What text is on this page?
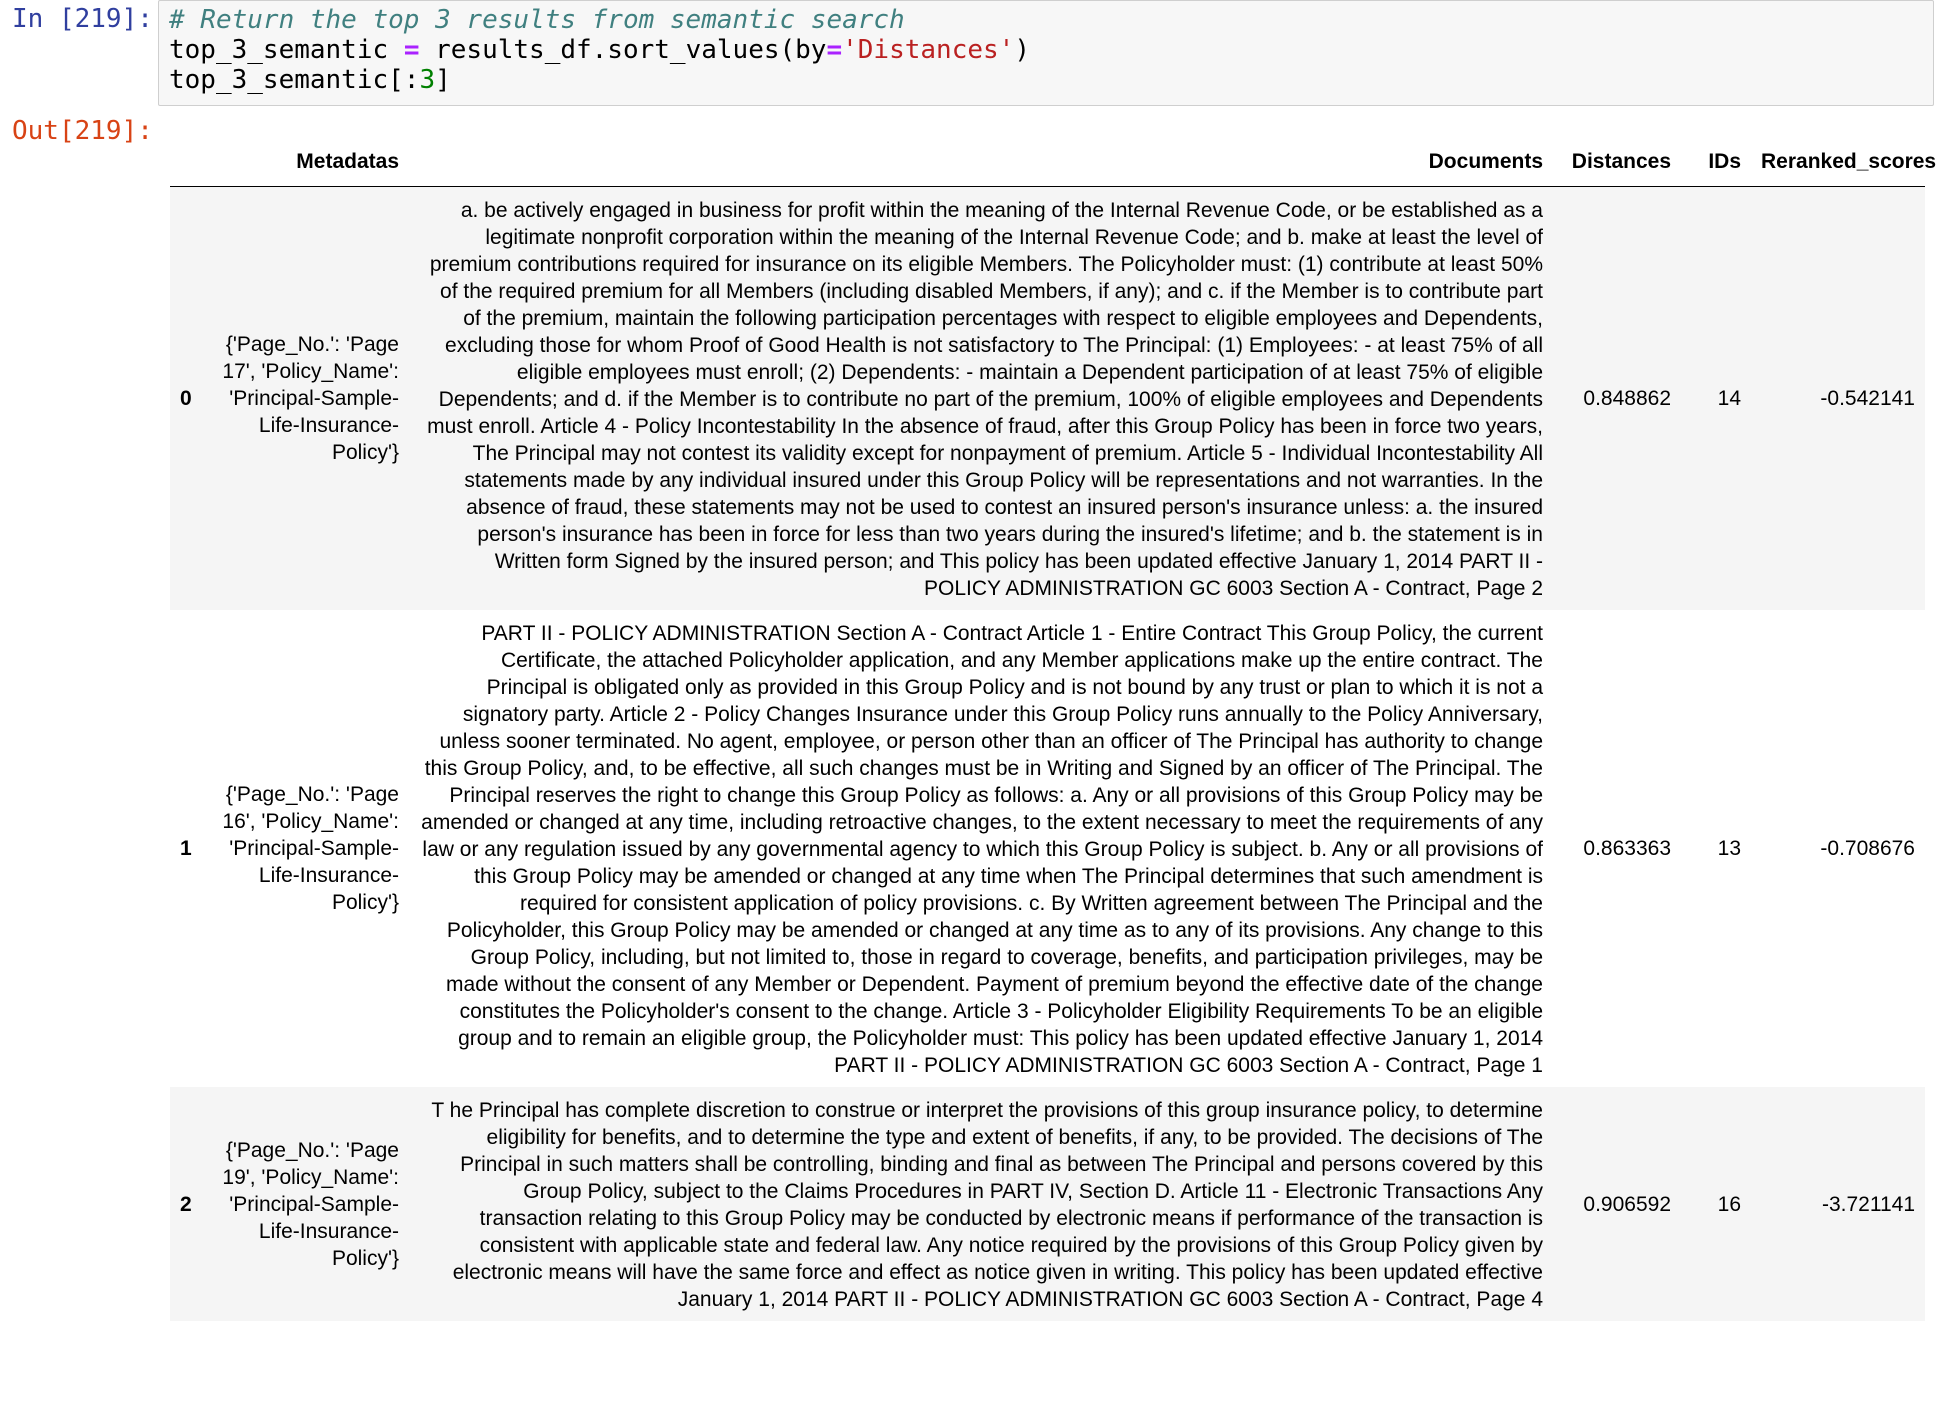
In [219]: # Return the top 3 results from semantic search
top_3_semantic = results_df.sort_values(by='Distances')
top_3_semantic[:3]
Out[219]:
	Metadatas	Documents	Distances	IDs	Reranked_scores
0	{'Page_No.': 'Page 17', 'Policy_Name': 'Principal-Sample-Life-Insurance-Policy'}	a. be actively engaged in business for profit within the meaning of the Internal Revenue Code, or be established as a legitimate nonprofit corporation within the meaning of the Internal Revenue Code; and b. make at least the level of premium contributions required for insurance on its eligible Members. The Policyholder must: (1) contribute at least 50% of the required premium for all Members (including disabled Members, if any); and c. if the Member is to contribute part of the premium, maintain the following participation percentages with respect to eligible employees and Dependents, excluding those for whom Proof of Good Health is not satisfactory to The Principal: (1) Employees: - at least 75% of all eligible employees must enroll; (2) Dependents: - maintain a Dependent participation of at least 75% of eligible Dependents; and d. if the Member is to contribute no part of the premium, 100% of eligible employees and Dependents must enroll. Article 4 - Policy Incontestability In the absence of fraud, after this Group Policy has been in force two years, The Principal may not contest its validity except for nonpayment of premium. Article 5 - Individual Incontestability All statements made by any individual insured under this Group Policy will be representations and not warranties. In the absence of fraud, these statements may not be used to contest an insured person's insurance unless: a. the insured person's insurance has been in force for less than two years during the insured's lifetime; and b. the statement is in Written form Signed by the insured person; and This policy has been updated effective January 1, 2014 PART II - POLICY ADMINISTRATION GC 6003 Section A - Contract, Page 2	0.848862	14	-0.542141
1	{'Page_No.': 'Page 16', 'Policy_Name': 'Principal-Sample-Life-Insurance-Policy'}	PART II - POLICY ADMINISTRATION Section A - Contract Article 1 - Entire Contract This Group Policy, the current Certificate, the attached Policyholder application, and any Member applications make up the entire contract. The Principal is obligated only as provided in this Group Policy and is not bound by any trust or plan to which it is not a signatory party. Article 2 - Policy Changes Insurance under this Group Policy runs annually to the Policy Anniversary, unless sooner terminated. No agent, employee, or person other than an officer of The Principal has authority to change this Group Policy, and, to be effective, all such changes must be in Writing and Signed by an officer of The Principal. The Principal reserves the right to change this Group Policy as follows: a. Any or all provisions of this Group Policy may be amended or changed at any time, including retroactive changes, to the extent necessary to meet the requirements of any law or any regulation issued by any governmental agency to which this Group Policy is subject. b. Any or all provisions of this Group Policy may be amended or changed at any time when The Principal determines that such amendment is required for consistent application of policy provisions. c. By Written agreement between The Principal and the Policyholder, this Group Policy may be amended or changed at any time as to any of its provisions. Any change to this Group Policy, including, but not limited to, those in regard to coverage, benefits, and participation privileges, may be made without the consent of any Member or Dependent. Payment of premium beyond the effective date of the change constitutes the Policyholder's consent to the change. Article 3 - Policyholder Eligibility Requirements To be an eligible group and to remain an eligible group, the Policyholder must: This policy has been updated effective January 1, 2014 PART II - POLICY ADMINISTRATION GC 6003 Section A - Contract, Page 1	0.863363	13	-0.708676
2	{'Page_No.': 'Page 19', 'Policy_Name': 'Principal-Sample-Life-Insurance-Policy'}	T he Principal has complete discretion to construe or interpret the provisions of this group insurance policy, to determine eligibility for benefits, and to determine the type and extent of benefits, if any, to be provided. The decisions of The Principal in such matters shall be controlling, binding and final as between The Principal and persons covered by this Group Policy, subject to the Claims Procedures in PART IV, Section D. Article 11 - Electronic Transactions Any transaction relating to this Group Policy may be conducted by electronic means if performance of the transaction is consistent with applicable state and federal law. Any notice required by the provisions of this Group Policy given by electronic means will have the same force and effect as notice given in writing. This policy has been updated effective January 1, 2014 PART II - POLICY ADMINISTRATION GC 6003 Section A - Contract, Page 4	0.906592	16	-3.721141
